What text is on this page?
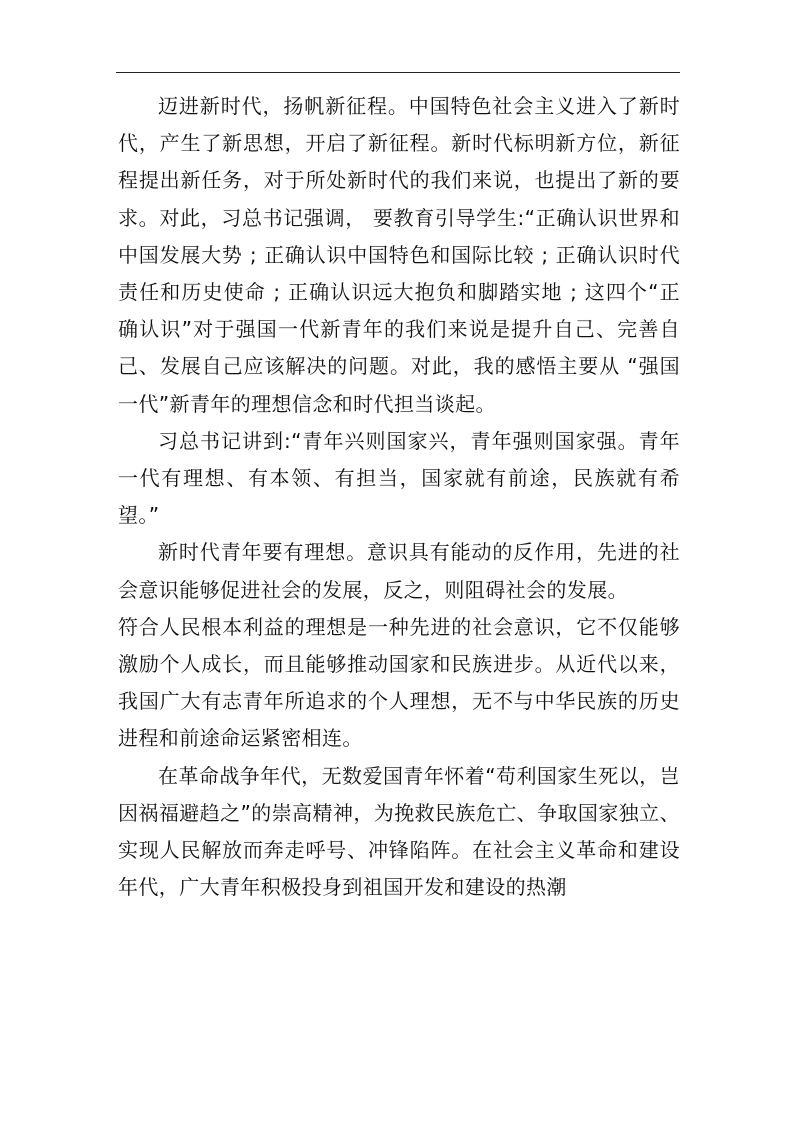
迈进新时代，扬帆新征程。中国特色社会主义进入了新时代，产生了新思想，开启了新征程。新时代标明新方位，新征程提出新任务，对于所处新时代的我们来说，也提出了新的要求。对此，习总书记强调， 要教育引导学生:“正确认识世界和中国发展大势 ; 正确认识中国特色和国际比较 ; 正确认识时代责任和历史使命 ; 正确认识远大抱负和脚踏实地 ; 这四个“正确认识”对于强国一代新青年的我们来说是提升自己、完善自己、发展自己应该解决的问题。对此，我的感悟主要从 “强国一代”新青年的理想信念和时代担当谈起。

习总书记讲到:“青年兴则国家兴，青年强则国家强。青年一代有理想、有本领、有担当，国家就有前途，民族就有希望。”

新时代青年要有理想。意识具有能动的反作用，先进的社会意识能够促进社会的发展，反之，则阻碍社会的发展。

符合人民根本利益的理想是一种先进的社会意识，它不仅能够激励个人成长，而且能够推动国家和民族进步。从近代以来，我国广大有志青年所追求的个人理想，无不与中华民族的历史进程和前途命运紧密相连。

在革命战争年代，无数爱国青年怀着“苟利国家生死以，岂因祸福避趋之”的崇高精神，为挽救民族危亡、争取国家独立、实现人民解放而奔走呼号、冲锋陷阵。在社会主义革命和建设年代，广大青年积极投身到祖国开发和建设的热潮
